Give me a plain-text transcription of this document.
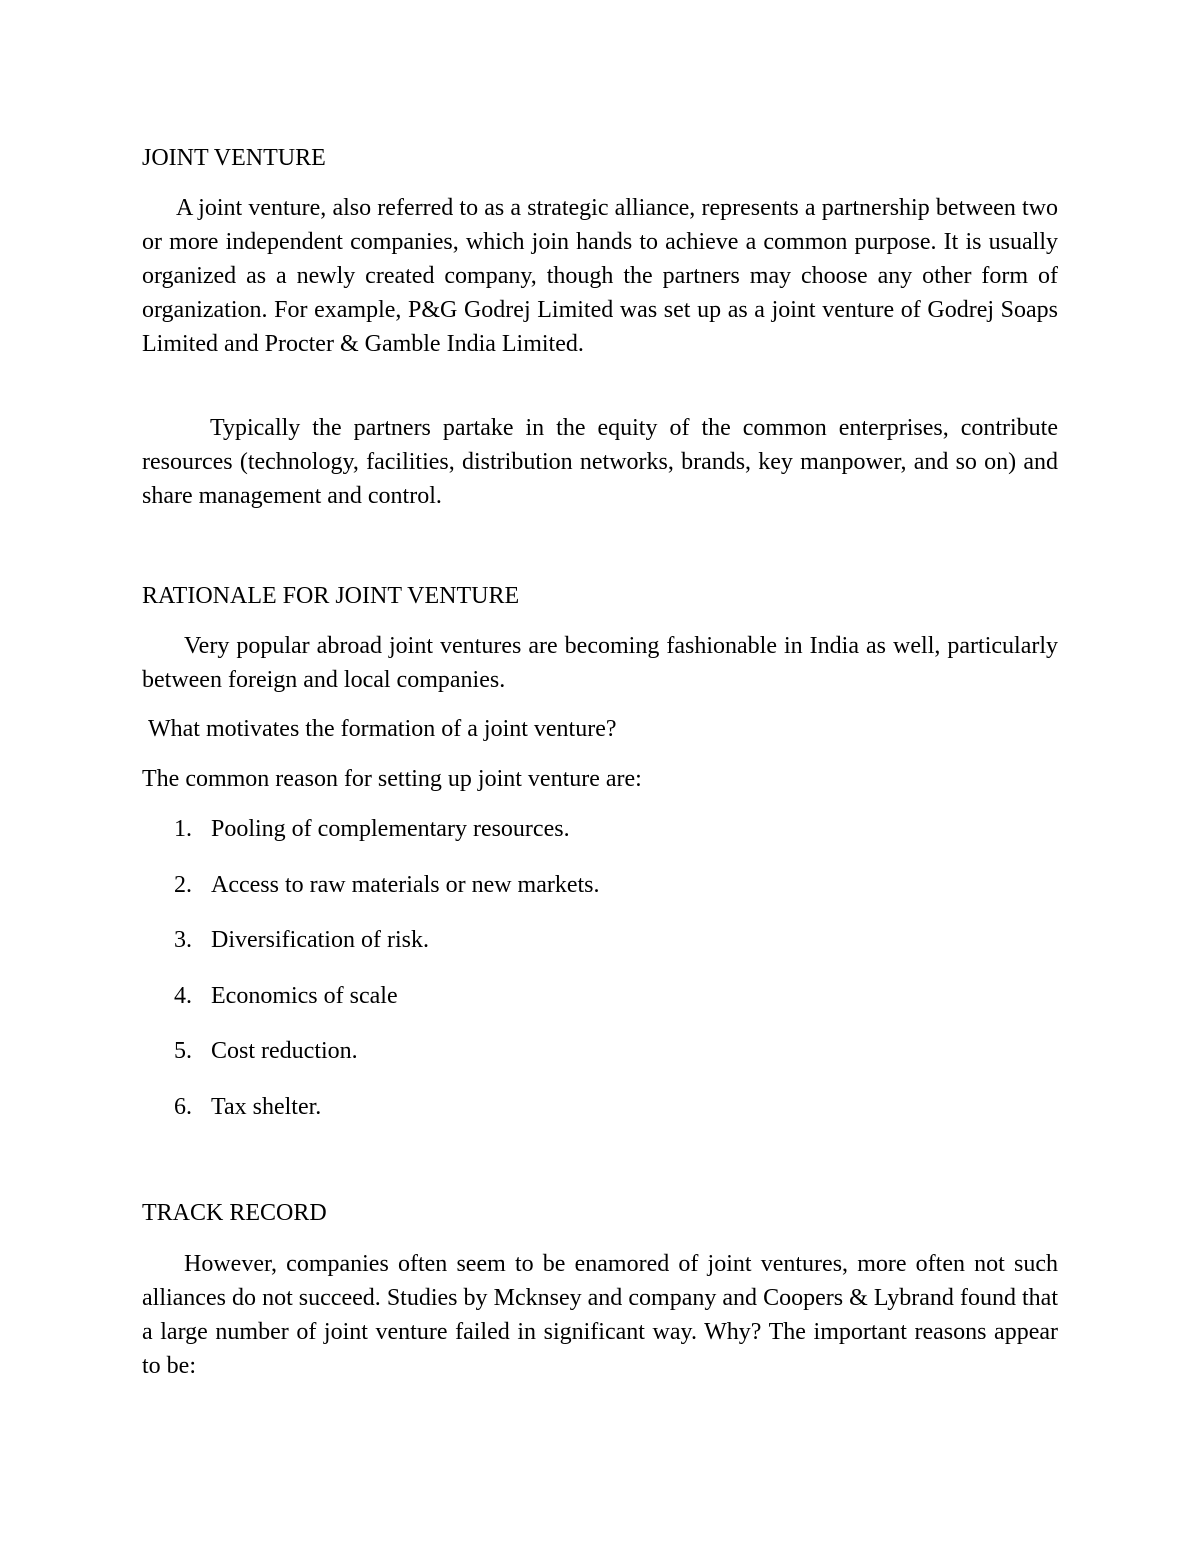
JOINT VENTURE

A joint venture, also referred to as a strategic alliance, represents a partnership between two or more independent companies, which join hands to achieve a common purpose. It is usually organized as a newly created company, though the partners may choose any other form of organization. For example, P&G Godrej Limited was set up as a joint venture of Godrej Soaps Limited and Procter & Gamble India Limited.

Typically the partners partake in the equity of the common enterprises, contribute resources (technology, facilities, distribution networks, brands, key manpower, and so on) and share management and control.

RATIONALE FOR JOINT VENTURE

Very popular abroad joint ventures are becoming fashionable in India as well, particularly between foreign and local companies.

What motivates the formation of a joint venture?

The common reason for setting up joint venture are:

1. Pooling of complementary resources.
2. Access to raw materials or new markets.
3. Diversification of risk.
4. Economics of scale
5. Cost reduction.
6. Tax shelter.
TRACK RECORD

However, companies often seem to be enamored of joint ventures, more often not such alliances do not succeed. Studies by Mcknsey and company and Coopers & Lybrand found that a large number of joint venture failed in significant way. Why? The important reasons appear to be:
